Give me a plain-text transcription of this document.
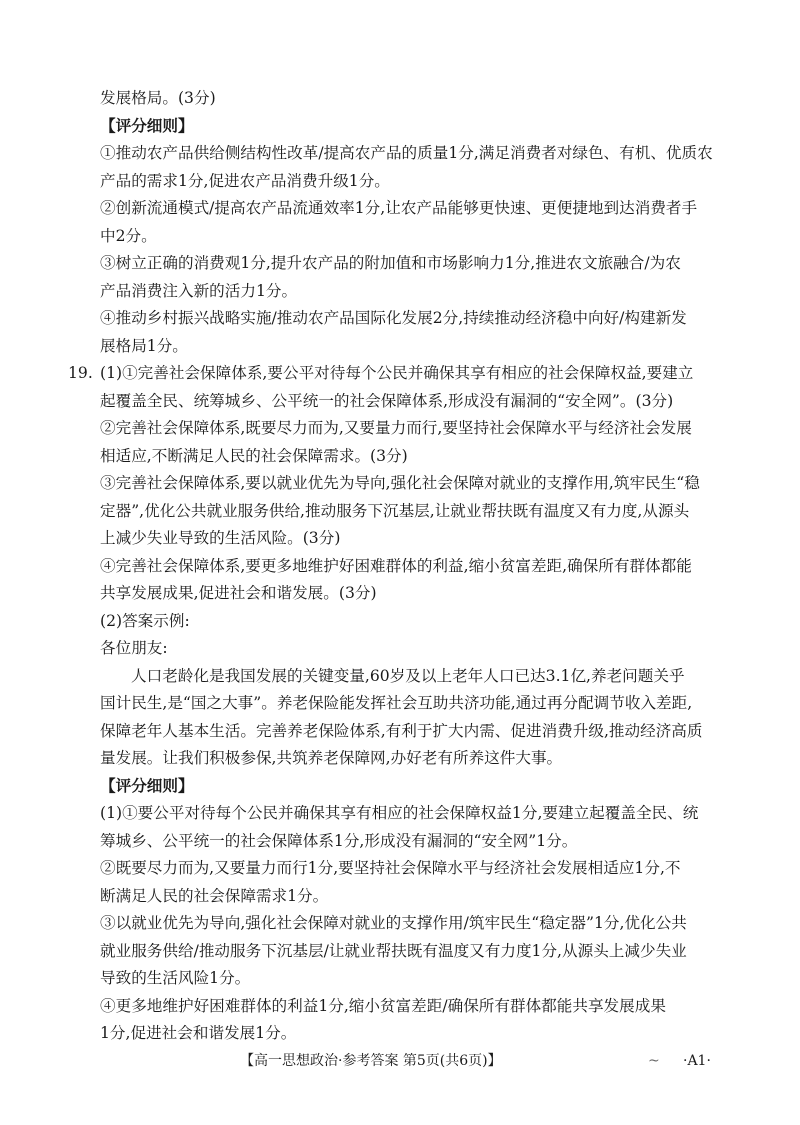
发展格局。(3分)
【评分细则】
①推动农产品供给侧结构性改革/提高农产品的质量1分,满足消费者对绿色、有机、优质农
产品的需求1分,促进农产品消费升级1分。
②创新流通模式/提高农产品流通效率1分,让农产品能够更快速、更便捷地到达消费者手
中2分。
③树立正确的消费观1分,提升农产品的附加值和市场影响力1分,推进农文旅融合/为农
产品消费注入新的活力1分。
④推动乡村振兴战略实施/推动农产品国际化发展2分,持续推动经济稳中向好/构建新发
展格局1分。
19. (1)①完善社会保障体系,要公平对待每个公民并确保其享有相应的社会保障权益,要建立
起覆盖全民、统筹城乡、公平统一的社会保障体系,形成没有漏洞的“安全网”。(3分)
②完善社会保障体系,既要尽力而为,又要量力而行,要坚持社会保障水平与经济社会发展
相适应,不断满足人民的社会保障需求。(3分)
③完善社会保障体系,要以就业优先为导向,强化社会保障对就业的支撑作用,筑牢民生“稳
定器”,优化公共就业服务供给,推动服务下沉基层,让就业帮扶既有温度又有力度,从源头
上减少失业导致的生活风险。(3分)
④完善社会保障体系,要更多地维护好困难群体的利益,缩小贫富差距,确保所有群体都能
共享发展成果,促进社会和谐发展。(3分)
(2)答案示例:
各位朋友:
人口老龄化是我国发展的关键变量,60岁及以上老年人口已达3.1亿,养老问题关乎
国计民生,是“国之大事”。养老保险能发挥社会互助共济功能,通过再分配调节收入差距,
保障老年人基本生活。完善养老保险体系,有利于扩大内需、促进消费升级,推动经济高质
量发展。让我们积极参保,共筑养老保障网,办好老有所养这件大事。
【评分细则】
(1)①要公平对待每个公民并确保其享有相应的社会保障权益1分,要建立起覆盖全民、统
筹城乡、公平统一的社会保障体系1分,形成没有漏洞的“安全网”1分。
②既要尽力而为,又要量力而行1分,要坚持社会保障水平与经济社会发展相适应1分,不
断满足人民的社会保障需求1分。
③以就业优先为导向,强化社会保障对就业的支撑作用/筑牢民生“稳定器”1分,优化公共
就业服务供给/推动服务下沉基层/让就业帮扶既有温度又有力度1分,从源头上减少失业
导致的生活风险1分。
【高一思想政治·参考答案 第5页(共6页)】	~ ·A1·
④更多地维护好困难群体的利益1分,缩小贫富差距/确保所有群体都能共享发展成果
1分,促进社会和谐发展1分。
